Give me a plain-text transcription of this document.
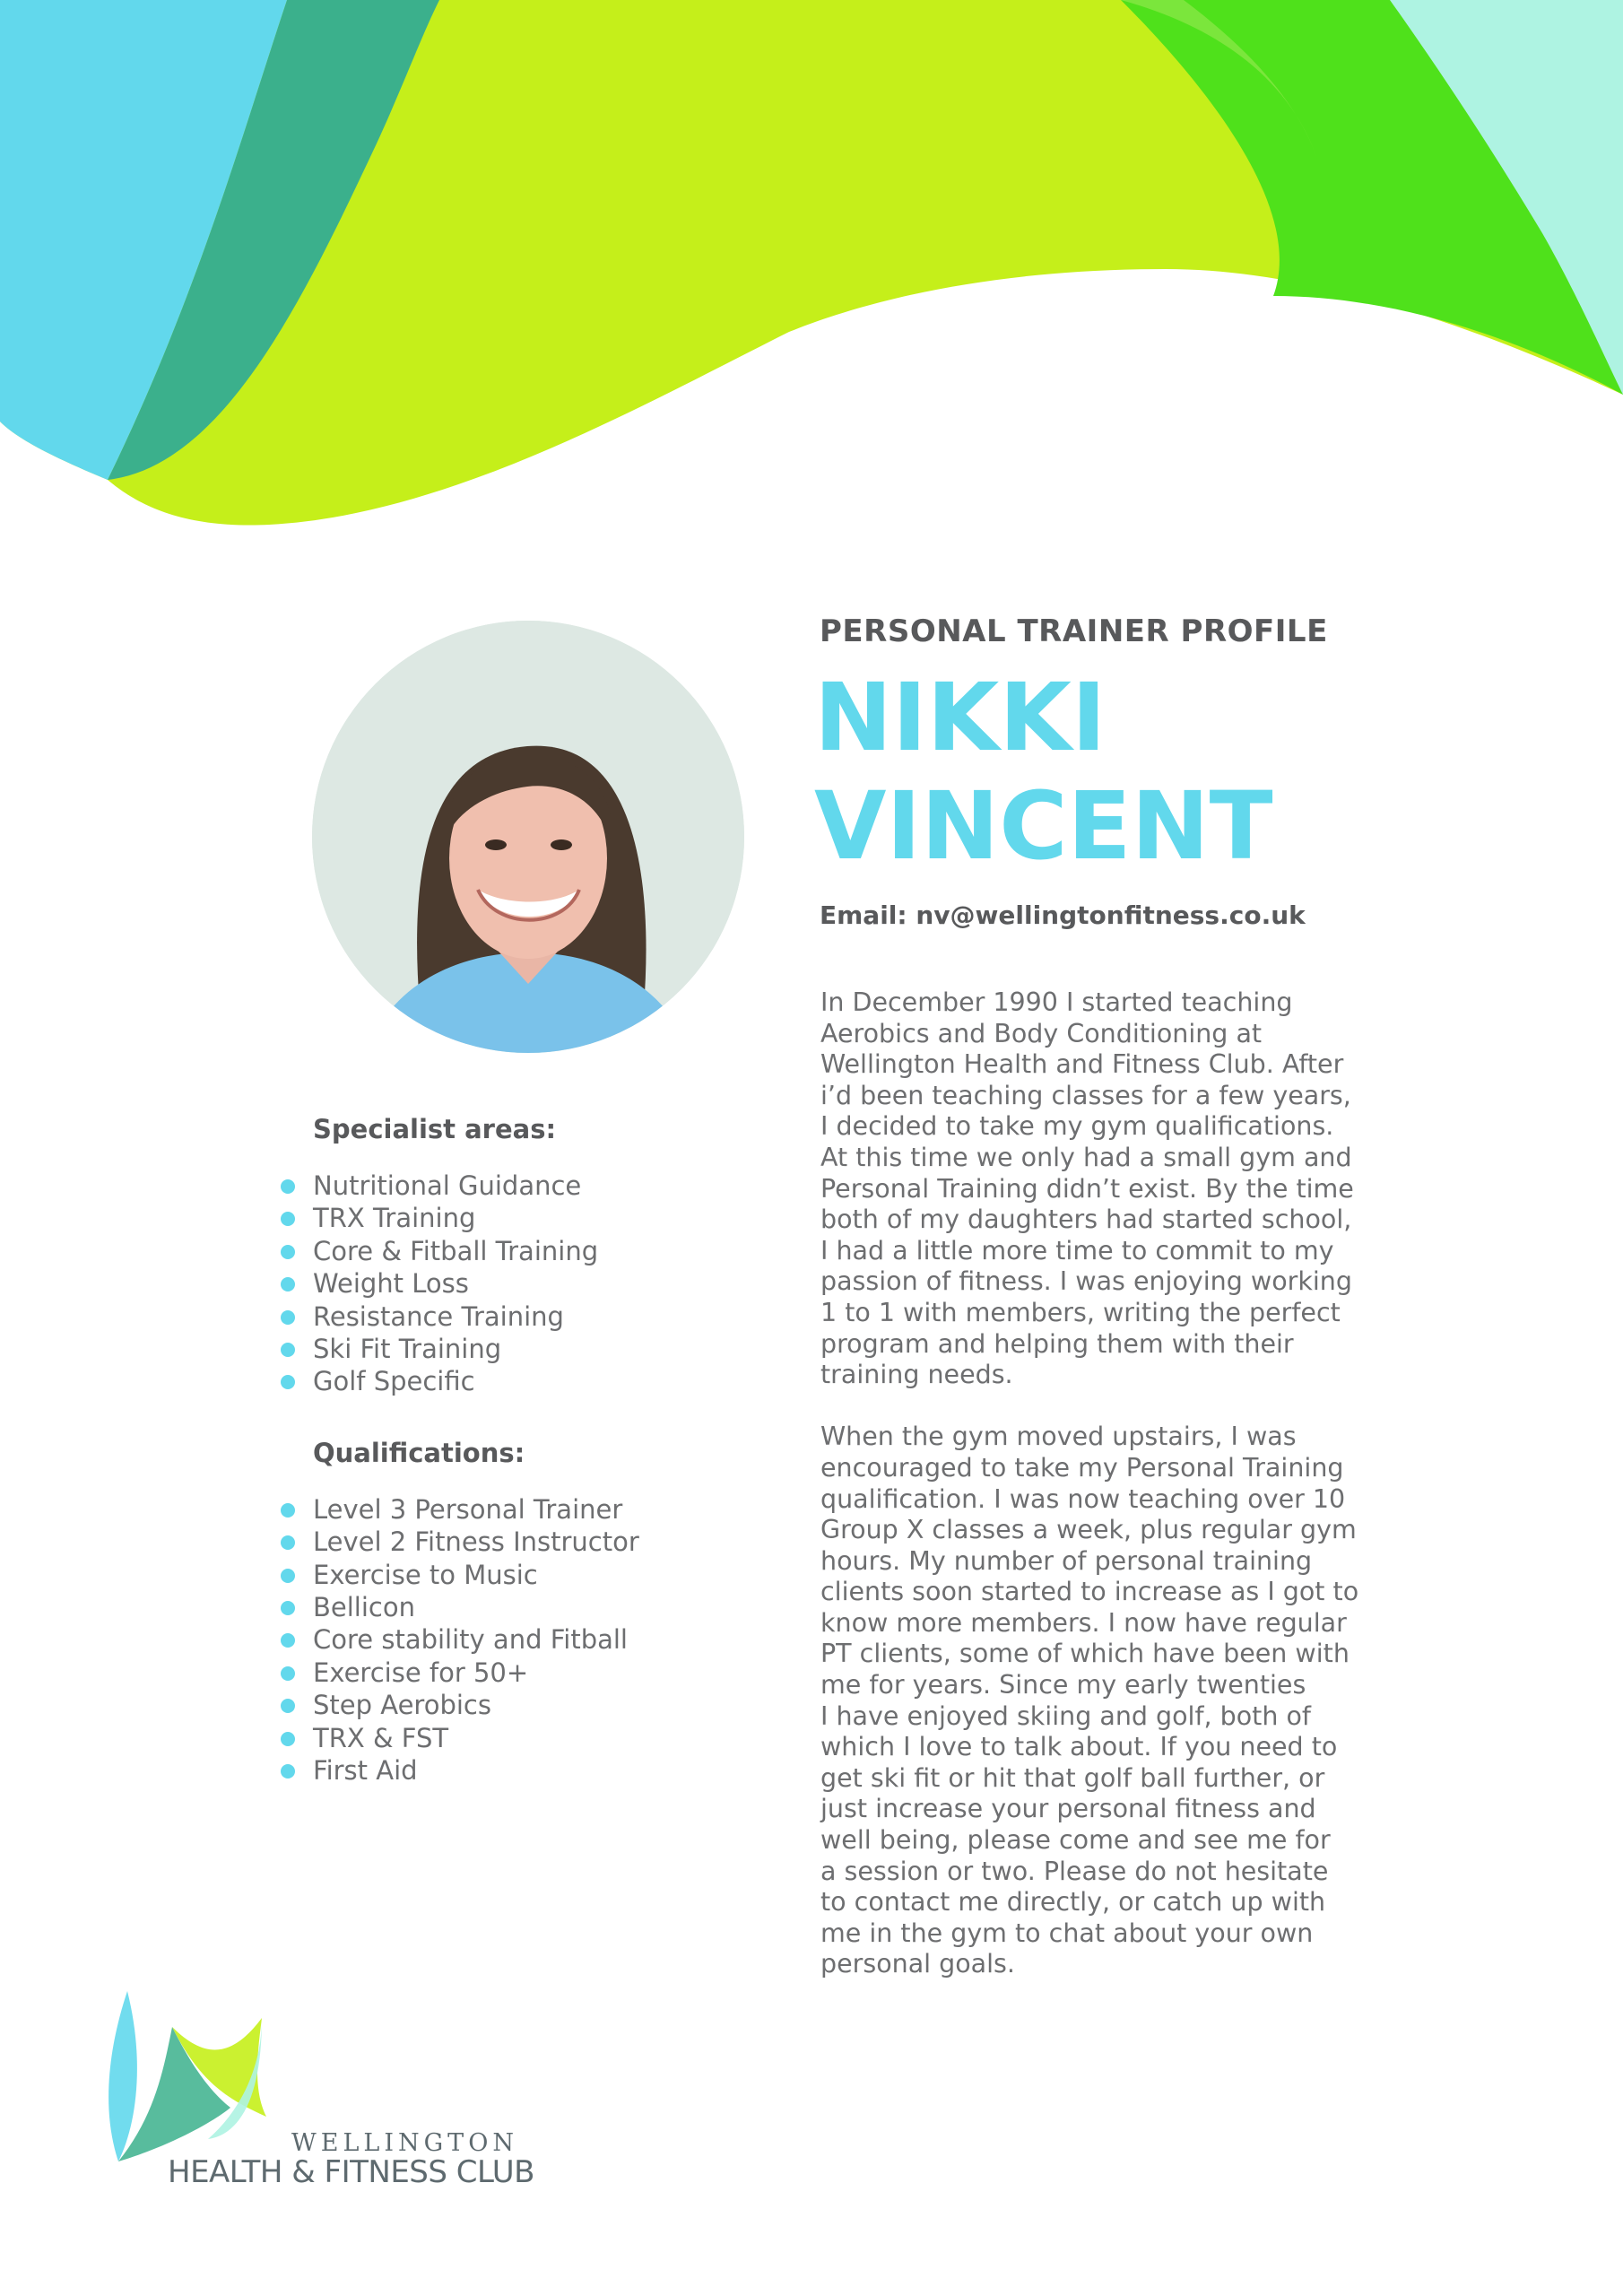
PERSONAL TRAINER PROFILE
NIKKI
VINCENT
Email: nv@wellingtonfitness.co.uk

In December 1990 I started teaching
Aerobics and Body Conditioning at
Wellington Health and Fitness Club. After
i’d been teaching classes for a few years,
I decided to take my gym qualifications.
At this time we only had a small gym and
Personal Training didn’t exist. By the time
both of my daughters had started school,
I had a little more time to commit to my
passion of fitness. I was enjoying working
1 to 1 with members, writing the perfect
program and helping them with their
training needs.

When the gym moved upstairs, I was
encouraged to take my Personal Training
qualification. I was now teaching over 10
Group X classes a week, plus regular gym
hours. My number of personal training
clients soon started to increase as I got to
know more members. I now have regular
PT clients, some of which have been with
me for years. Since my early twenties
I have enjoyed skiing and golf, both of
which I love to talk about. If you need to
get ski fit or hit that golf ball further, or
just increase your personal fitness and
well being, please come and see me for
a session or two. Please do not hesitate
to contact me directly, or catch up with
me in the gym to chat about your own
personal goals.

Specialist areas:
Nutritional Guidance
TRX Training
Core & Fitball Training
Weight Loss
Resistance Training
Ski Fit Training
Golf Specific
Qualifications:
Level 3 Personal Trainer
Level 2 Fitness Instructor
Exercise to Music
Bellicon
Core stability and Fitball
Exercise for 50+
Step Aerobics
TRX & FST
First Aid
WELLINGTON
HEALTH & FITNESS CLUB
